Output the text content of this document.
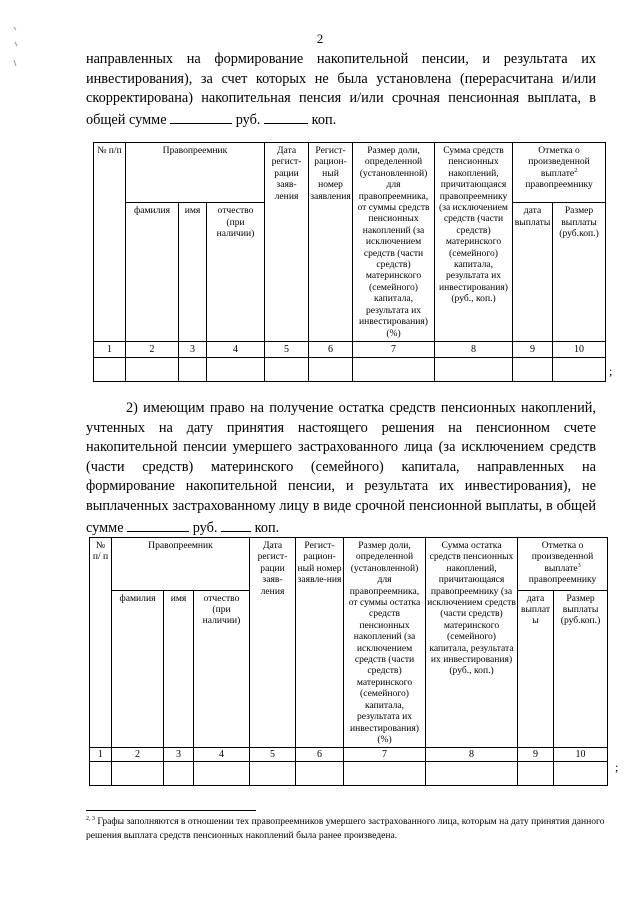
2
направленных на формирование накопительной пенсии, и результата их инвестирования), за счет которых не была установлена (перерасчитана и/или скорректирована) накопительная пенсия и/или срочная пенсионная выплата, в общей сумме	руб.	коп.
№ п/п	Правопреемник			Дата регист-рации заяв-ления	Регист-рацион-ный номер заявления	Размер доли, определенной (установленной) для правопреемника, от суммы средств пенсионных накоплений (за исключением средств (части средств) материнского (семейного) капитала, результата их инвестирования) (%)	Сумма средств пенсионных накоплений, причитающаяся правопреемнику (за исключением средств (части средств) материнского (семейного) капитала, результата их инвестирования) (руб., коп.)	Отметка о произведенной выплате$^2$ правопреемнику	
	фамилия	имя	отчество (при наличии)					дата выплаты	Размер выплаты (руб.коп.)
1	2	3	4	5	6	7	8	9	10

;
2) имеющим право на получение остатка средств пенсионных накоплений, учтенных на дату принятия настоящего решения на пенсионном счете накопительной пенсии умершего застрахованного лица (за исключением средств (части средств) материнского (семейного) капитала, направленных на формирование накопительной пенсии, и результата их инвестирования), не выплаченных застрахованному лицу в виде срочной пенсионной выплаты, в общей сумме	руб.	коп.
№ п/ п	Правопреемник			Дата регист-рации заяв-ления	Регист-рацион-ный номер заявле-ния	Размер доли, определенной (установленной) для правопреемника, от суммы остатка средств пенсионных накоплений (за исключением средств (части средств) материнского (семейного) капитала, результата их инвестирования) (%)	Сумма остатка средств пенсионных накоплений, причитающаяся правопреемнику (за исключением средств (части средств) материнского (семейного) капитала, результата их инвестирования) (руб., коп.)	Отметка о произведенной выплате$^3$ правопреемнику	
	фамилия	имя	отчество (при наличии)					дата выплаты	Размер выплаты (руб.коп.)
1	2	3	4	5	6	7	8	9	10

;
$^{2, 3}$ Графы заполняются в отношении тех правопреемников умершего застрахованного лица, которым на дату принятия данного решения выплата средств пенсионных накоплений была ранее произведена.
